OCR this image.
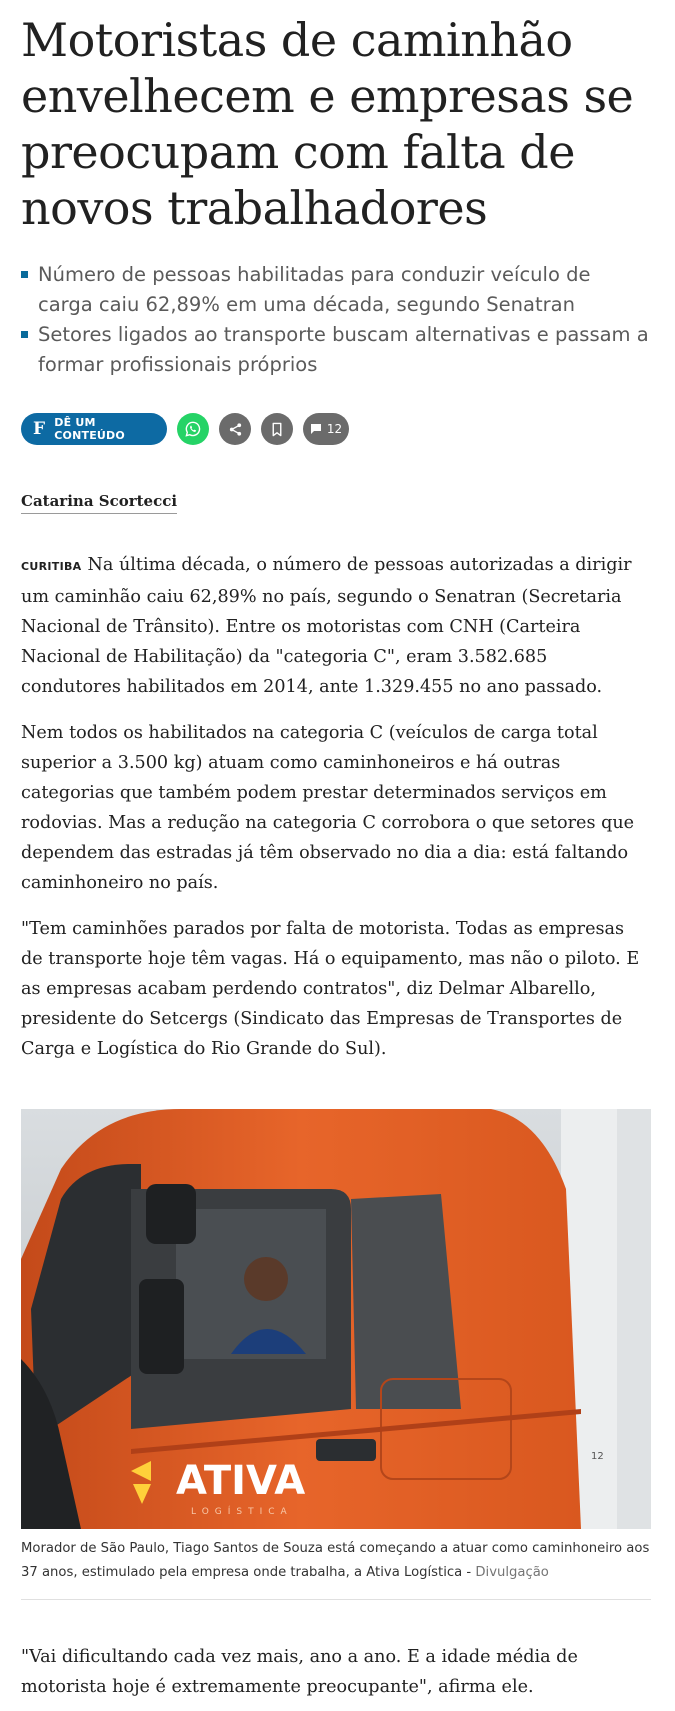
Motoristas de caminhão envelhecem e empresas se preocupam com falta de novos trabalhadores
Número de pessoas habilitadas para conduzir veículo de carga caiu 62,89% em uma década, segundo Senatran
Setores ligados ao transporte buscam alternativas e passam a formar profissionais próprios
F DÊ UM CONTEÚDO	12
Catarina Scortecci

CURITIBA Na última década, o número de pessoas autorizadas a dirigir um caminhão caiu 62,89% no país, segundo o Senatran (Secretaria Nacional de Trânsito). Entre os motoristas com CNH (Carteira Nacional de Habilitação) da "categoria C", eram 3.582.685 condutores habilitados em 2014, ante 1.329.455 no ano passado.

Nem todos os habilitados na categoria C (veículos de carga total superior a 3.500 kg) atuam como caminhoneiros e há outras categorias que também podem prestar determinados serviços em rodovias. Mas a redução na categoria C corrobora o que setores que dependem das estradas já têm observado no dia a dia: está faltando caminhoneiro no país.

"Tem caminhões parados por falta de motorista. Todas as empresas de transporte hoje têm vagas. Há o equipamento, mas não o piloto. E as empresas acabam perdendo contratos", diz Delmar Albarello, presidente do Setcergs (Sindicato das Empresas de Transportes de Carga e Logística do Rio Grande do Sul).

ATIVA
LOGÍSTICA
12
Morador de São Paulo, Tiago Santos de Souza está começando a atuar como caminhoneiro aos 37 anos, estimulado pela empresa onde trabalha, a Ativa Logística - Divulgação

"Vai dificultando cada vez mais, ano a ano. E a idade média de motorista hoje é extremamente preocupante", afirma ele.
